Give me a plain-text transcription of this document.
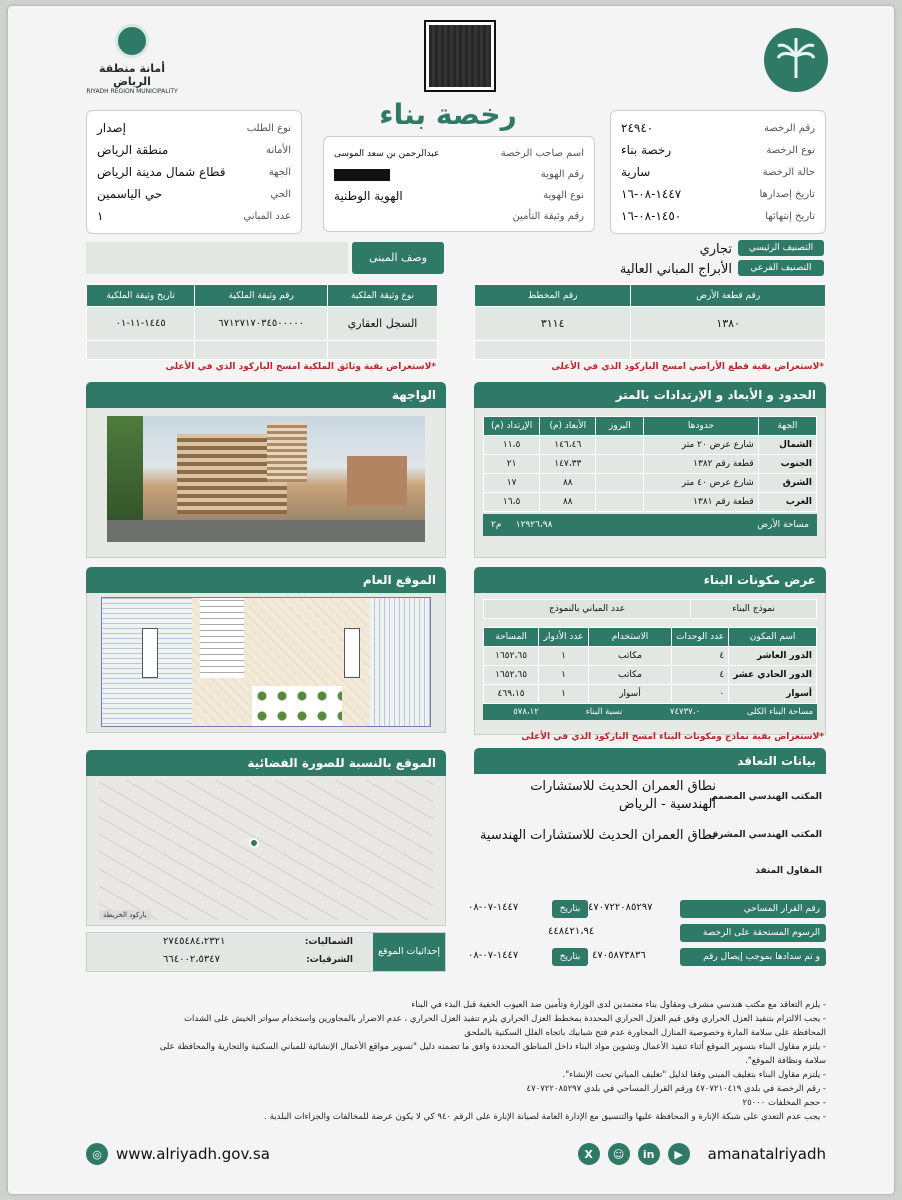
أمانة منطقة الرياض
RIYADH REGION MUNICIPALITY
رخصة بناء	رقم الرخصة
٢٤٩٤٠
نوع الرخصة
رخصة بناء
حالة الرخصة
سارية
تاريخ إصدارها
١٤٤٧-٠٨-١٦
تاريخ إنتهائها
١٤٥٠-٠٨-١٦
اسم صاحب الرخصة
عبدالرحمن بن سعد الموسى
رقم الهوية
نوع الهوية
الهوية الوطنية
رقم وثيقة التأمين
نوع الطلب
إصدار
الأمانة
منطقة الرياض
الجهة
قطاع شمال مدينة الرياض
الحي
حي الياسمين
عدد المباني
١
التصنيف الرئيسي
تجاري
التصنيف الفرعي
الأبراج المباني العالية
وصف المبنى
رقم قطعة الأرض	رقم المخطط
١٣٨٠	٣١١٤

*لاستعراض بقية قطع الأراضي امسح الباركود الذي في الأعلى
نوع وثيقة الملكية	رقم وثيقة الملكية	تاريخ وثيقة الملكية
السجل العقاري	٦٧١٢٧١٧٠٣٤٥٠٠٠٠٠	١٤٤٥-١١-٠١

*لاستعراض بقية وثائق الملكية امسح الباركود الذي في الأعلى
الحدود و الأبعاد و الإرتدادات بالمتر
الجهة	حدودها	البروز	الأبعاد (م)	الإرتداد (م)
الشمال	شارع عرض ٢٠ متر		١٤٦،٤٦	١١،٥
الجنوب	قطعة رقم ١٣٨٢		١٤٧،٣٣	٢١
الشرق	شارع عرض ٤٠ متر		٨٨	١٧
الغرب	قطعة رقم ١٣٨١		٨٨	١٦،٥
مساحة الأرض
١٢٩٢٦،٩٨     م٢
الواجهة
عرض مكونات البناء
نموذج البناء	عدد المباني بالنموذج
اسم المكون	عدد الوحدات	الاستخدام	عدد الأدوار	المساحة
الدور العاشر	٤	مكاتب	١	١٦٥٢،٦٥
الدور الحادي عشر	٤	مكاتب	١	١٦٥٢،٦٥
أسوار	٠	أسوار	١	٤٦٩،١٥
مساحة البناء الكلى
٧٤٧٣٧،٠
نسبة البناء
٥٧٨،١٢
*لاستعراض بقية نماذج ومكونات البناء امسح الباركود الذي في الأعلى
الموقع العام
الموقع بالنسبة للصورة الفضائية
باركود الخريطة
بيانات التعاقد
المكتب الهندسي المصمم
نطاق العمران الحديث للاستشارات الهندسية - الرياض
المكتب الهندسي المشرف
نطاق العمران الحديث للاستشارات الهندسية
المقاول المنفذ
رقم القرار المساحي
٤٧٠٧٢٢٠٨٥٢٩٧
بتاريخ
١٤٤٧-٠٧-٠٨
الرسوم المستحقة على الرخصة
٤٤٨٤٢١،٩٤
و تم سدادها بموجب إيصال رقم
٤٧٠٥٨٧٣٨٣٦
بتاريخ
١٤٤٧-٠٧-٠٨
إحداثيات الموقع
الشماليات:
٢٧٤٥٤٨٤،٢٣٢١
الشرقيات:
٦٦٤٠٠٢،٥٣٤٧
- يلزم التعاقد مع مكتب هندسي مشرف ومقاول بناء معتمدين لدى الوزارة وتأمين ضد العيوب الخفية قبل البدء في البناء
- يجب الالتزام بتنفيذ العزل الحراري وفق قيم العزل الحراري المحددة بمخطط العزل الحراري يلزم تنفيذ العزل الحراري ، عدم الاضرار بالمجاورين واستخدام سواتر الخيش على الشدات
المحافظة على سلامة المارة وخصوصية المنازل المجاورة عدم فتح شبابيك باتجاه الفلل السكنية بالملحق
- يلتزم مقاول البناء بتسوير الموقع أثناء تنفيذ الأعمال وتشوين مواد البناء داخل المناطق المحددة وافق ما تضمنه دليل "تسوير مواقع الأعمال الإنشائية للمباني السكنية والتجارية والمحافظة على
سلامة ونظافة الموقع".
- يلتزم مقاول البناء بتغليف المبنى وفقا لدليل "تغليف المباني تحت الإنشاء".
- رقم الرخصة في بلدي ٤٧٠٧٢١٠٤١٩ ورقم القرار المساحي في بلدي ٤٧٠٧٢٢٠٨٥٢٩٧
- حجم المخلفات ٢٥٠٠٠
- يجب عدم التعدي على شبكة الإنارة و المحافظة عليها والتنسيق مع الإدارة العامة لصيانة الإنارة على الرقم ٩٤٠ كي لا يكون عرضة للمخالفات والجزاءات البلدية .
◎ www.alriyadh.gov.sa	X	☺	in	▶	amanatalriyadh
